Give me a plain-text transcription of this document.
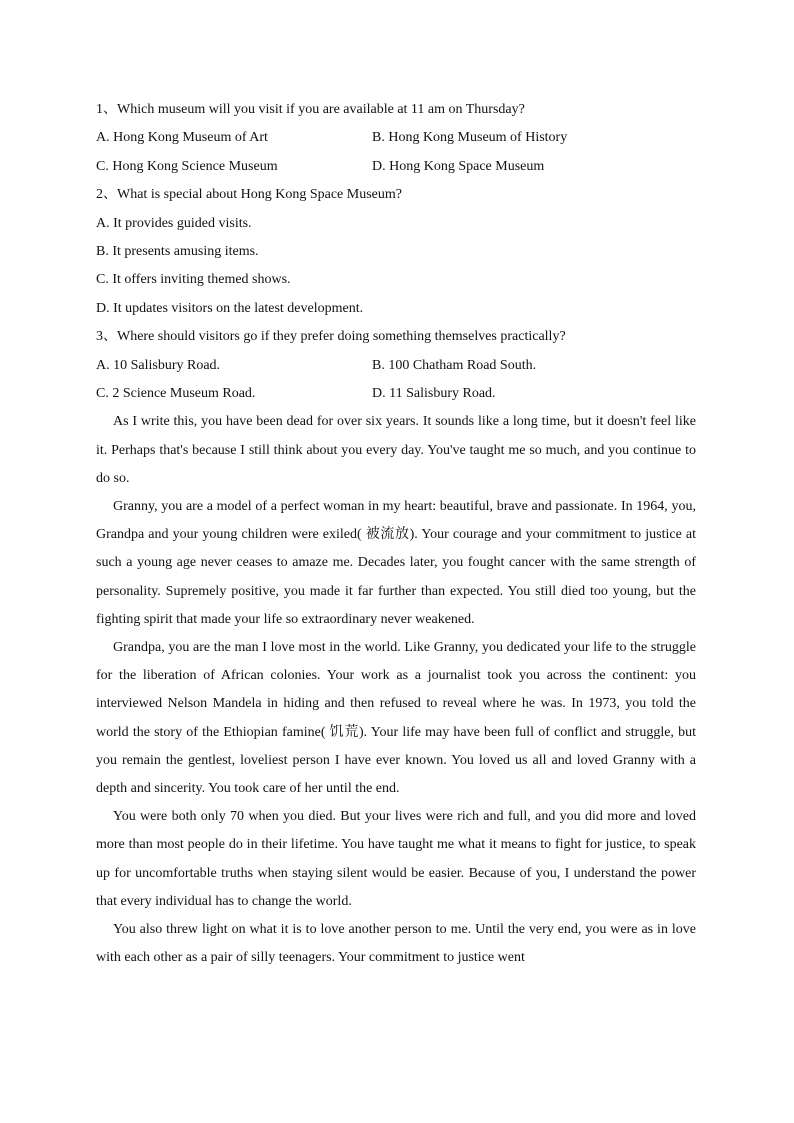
1、Which museum will you visit if you are available at 11 am on Thursday?
A. Hong Kong Museum of Art	B. Hong Kong Museum of History
C. Hong Kong Science Museum	D. Hong Kong Space Museum
2、What is special about Hong Kong Space Museum?
A. It provides guided visits.
B. It presents amusing items.
C. It offers inviting themed shows.
D. It updates visitors on the latest development.
3、Where should visitors go if they prefer doing something themselves practically?
A. 10 Salisbury Road.	B. 100 Chatham Road South.
C. 2 Science Museum Road.	D. 11 Salisbury Road.

As I write this, you have been dead for over six years. It sounds like a long time, but it doesn't feel like it. Perhaps that's because I still think about you every day. You've taught me so much, and you continue to do so.

Granny, you are a model of a perfect woman in my heart: beautiful, brave and passionate. In 1964, you, Grandpa and your young children were exiled( 被流放). Your courage and your commitment to justice at such a young age never ceases to amaze me. Decades later, you fought cancer with the same strength of personality. Supremely positive, you made it far further than expected. You still died too young, but the fighting spirit that made your life so extraordinary never weakened.

Grandpa, you are the man I love most in the world. Like Granny, you dedicated your life to the struggle for the liberation of African colonies. Your work as a journalist took you across the continent: you interviewed Nelson Mandela in hiding and then refused to reveal where he was. In 1973, you told the world the story of the Ethiopian famine( 饥荒). Your life may have been full of conflict and struggle, but you remain the gentlest, loveliest person I have ever known. You loved us all and loved Granny with a depth and sincerity. You took care of her until the end.

You were both only 70 when you died. But your lives were rich and full, and you did more and loved more than most people do in their lifetime. You have taught me what it means to fight for justice, to speak up for uncomfortable truths when staying silent would be easier. Because of you, I understand the power that every individual has to change the world.

You also threw light on what it is to love another person to me. Until the very end, you were as in love with each other as a pair of silly teenagers. Your commitment to justice went
